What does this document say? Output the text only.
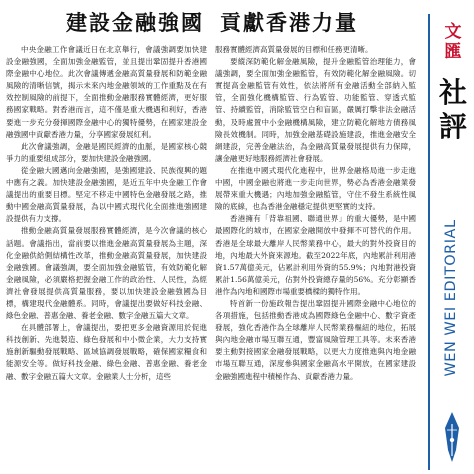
建設金融強國 貢獻香港力量

中央金融工作會議近日在北京舉行，會議強調要加快建設金融強國，全面加強金融監管，並且提出鞏固提升香港國際金融中心地位。此次會議傳遞金融高質量發展和防範金融風險的清晰信號，揭示未來內地金融領域的工作重點及在有效控制風險的前提下，全面推動金融服務實體經濟，更好服務國家戰略。對香港而言，這不僅是重大機遇和利好，香港要進一步充分發揮國際金融中心的獨特優勢，在國家建設金融強國中貢獻香港力量，分享國家發展紅利。

此次會議強調，金融是國民經濟的血脈，是國家核心競爭力的重要組成部分，要加快建設金融強國。

從金融大國邁向金融強國，是強國建設、民族復興的題中應有之義。加快建設金融強國，是近五年中央金融工作會議提出的重要目標。堅定不移走中國特色金融發展之路，推動中國金融高質量發展，為以中國式現代化全面推進強國建設提供有力支撐。

推動金融高質量發展服務實體經濟，是今次會議的核心話題。會議指出，當前要以推進金融高質量發展為主題，深化金融供給側結構性改革，推動金融高質量發展，加快建設金融強國。會議強調，要全面加強金融監管，有效防範化解金融風險，必須嚴格把握金融工作的政治性、人民性，為經濟社會發展提供高質量服務，要以加快建設金融強國為目標，構建現代金融體系。同時，會議提出要做好科技金融、綠色金融、普惠金融、養老金融、數字金融五篇大文章。

在具體部署上，會議提出，要把更多金融資源用於促進科技創新、先進製造、綠色發展和中小微企業，大力支持實施創新驅動發展戰略、區域協調發展戰略，確保國家糧食和能源安全等。做好科技金融、綠色金融、普惠金融、養老金融、數字金融五篇大文章。金融業人士分析，這些

服務實體經濟高質量發展的目標和任務更清晰。

要縱深防範化解金融風險，提升金融監管治理能力，會議強調，要全面加強金融監管，有效防範化解金融風險。切實提高金融監管有效性，依法將所有金融活動全部納入監管，全面強化機構監管、行為監管、功能監管、穿透式監管、持續監管，消除監管空白和盲區，嚴厲打擊非法金融活動，及時處置中小金融機構風險，建立防範化解地方債務風險長效機制。同時，加強金融基礎設施建設，推進金融安全網建設，完善金融法治，為金融高質量發展提供有力保障，讓金融更好地服務經濟社會發展。

在推進中國式現代化進程中，世界金融格局進一步走進中國，中國金融也將進一步走向世界，勢必為香港金融業發展帶來重大機遇；內地加強金融監管，守住不發生系統性風險的底線，也為香港金融穩定提供更堅實的支持。

香港擁有「背靠祖國、聯通世界」的重大優勢，是中國最國際化的城市，在國家金融開放中發揮不可替代的作用。香港是全球最大離岸人民幣業務中心，最大的對外投資目的地，內地最大外資來源地。截至2022年底，內地累計利用港資1.57萬億美元，佔累計利用外資的55.9%；內地對港投資累計1.56萬億美元，佔對外投資總存量的56%。充分彰顯香港作為內地和國際市場重要橋樑的獨特作用。

特首新一份施政報告提出鞏固提升國際金融中心地位的各項措施，包括推動香港成為國際綠色金融中心、數字資產發展，強化香港作為全球離岸人民幣業務樞紐的地位，拓展與內地金融市場互聯互通，豐富風險管理工具等。未來香港要主動對接國家金融發展戰略，以更大力度推進與內地金融市場互聯互通，深度參與國家金融高水平開放，在國家建設金融強國進程中積極作為、貢獻香港力量。

文
匯
社
評
WEN WEI EDITORIAL
